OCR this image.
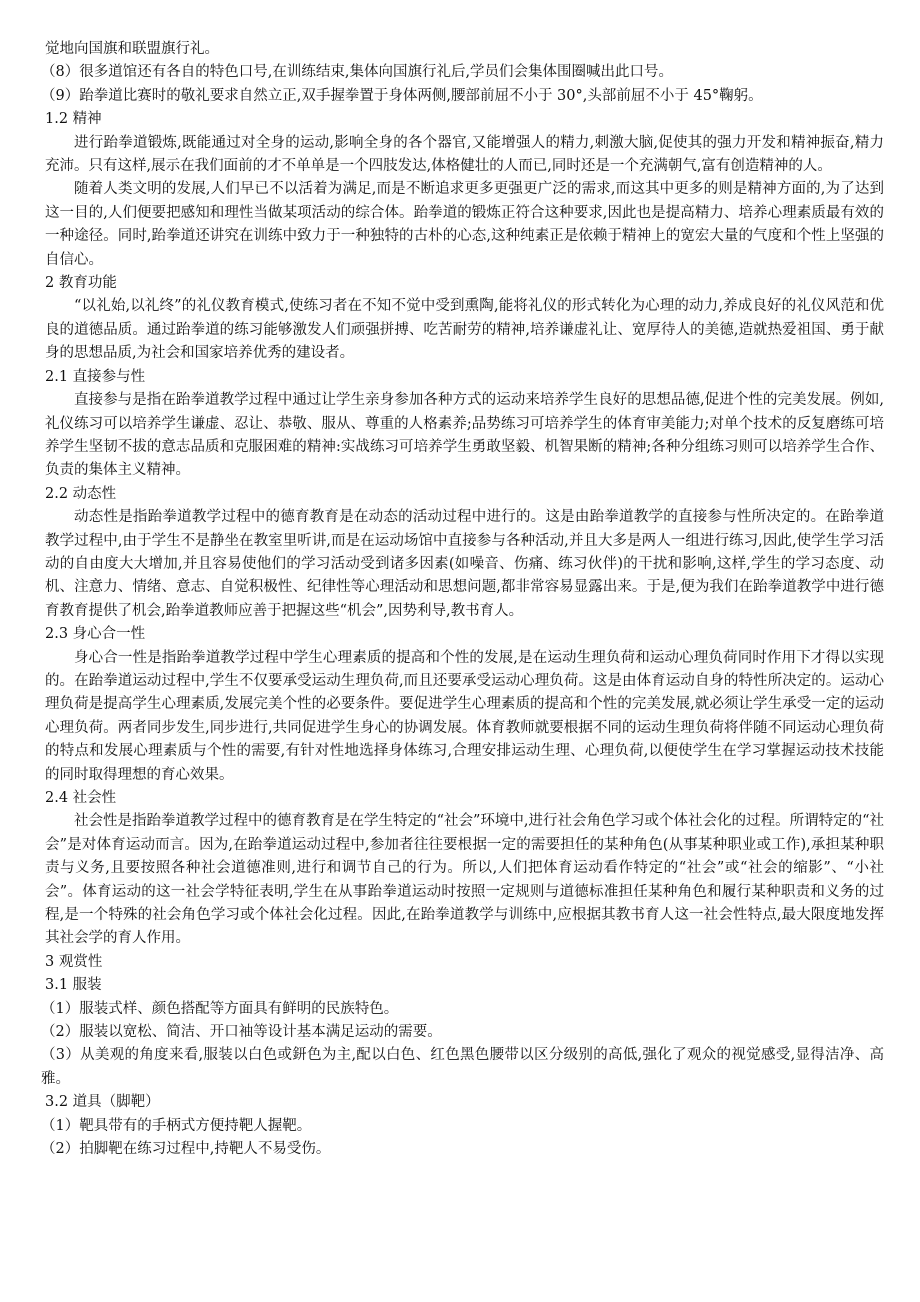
觉地向国旗和联盟旗行礼。

（8）很多道馆还有各自的特色口号,在训练结束,集体向国旗行礼后,学员们会集体围圈喊出此口号。

（9）跆拳道比赛时的敬礼要求自然立正,双手握拳置于身体两侧,腰部前屈不小于 30°,头部前屈不小于 45°鞠躬。

1.2 精神

进行跆拳道锻炼,既能通过对全身的运动,影响全身的各个器官,又能增强人的精力,刺激大脑,促使其的强力开发和精神振奋,精力充沛。只有这样,展示在我们面前的才不单单是一个四肢发达,体格健壮的人而已,同时还是一个充满朝气,富有创造精神的人。

随着人类文明的发展,人们早已不以活着为满足,而是不断追求更多更强更广泛的需求,而这其中更多的则是精神方面的,为了达到这一目的,人们便要把感知和理性当做某项活动的综合体。跆拳道的锻炼正符合这种要求,因此也是提高精力、培养心理素质最有效的一种途径。同时,跆拳道还讲究在训练中致力于一种独特的古朴的心态,这种纯素正是依赖于精神上的宽宏大量的气度和个性上坚强的自信心。

2 教育功能

“以礼始,以礼终”的礼仪教育模式,使练习者在不知不觉中受到熏陶,能将礼仪的形式转化为心理的动力,养成良好的礼仪风范和优良的道德品质。通过跆拳道的练习能够激发人们顽强拼搏、吃苦耐劳的精神,培养谦虚礼让、宽厚待人的美德,造就热爱祖国、勇于献身的思想品质,为社会和国家培养优秀的建设者。

2.1 直接参与性

直接参与是指在跆拳道教学过程中通过让学生亲身参加各种方式的运动来培养学生良好的思想品德,促进个性的完美发展。例如,礼仪练习可以培养学生谦虚、忍让、恭敬、服从、尊重的人格素养;品势练习可培养学生的体育审美能力;对单个技术的反复磨练可培养学生坚韧不拔的意志品质和克服困难的精神:实战练习可培养学生勇敢坚毅、机智果断的精神;各种分组练习则可以培养学生合作、负责的集体主义精神。

2.2 动态性

动态性是指跆拳道教学过程中的德育教育是在动态的活动过程中进行的。这是由跆拳道教学的直接参与性所决定的。在跆拳道教学过程中,由于学生不是静坐在教室里听讲,而是在运动场馆中直接参与各种活动,并且大多是两人一组进行练习,因此,使学生学习活动的自由度大大增加,并且容易使他们的学习活动受到诸多因素(如噪音、伤痛、练习伙伴)的干扰和影响,这样,学生的学习态度、动机、注意力、情绪、意志、自觉积极性、纪律性等心理活动和思想问题,都非常容易显露出来。于是,便为我们在跆拳道教学中进行德育教育提供了机会,跆拳道教师应善于把握这些“机会”,因势利导,教书育人。

2.3 身心合一性

身心合一性是指跆拳道教学过程中学生心理素质的提高和个性的发展,是在运动生理负荷和运动心理负荷同时作用下才得以实现的。在跆拳道运动过程中,学生不仅要承受运动生理负荷,而且还要承受运动心理负荷。这是由体育运动自身的特性所决定的。运动心理负荷是提高学生心理素质,发展完美个性的必要条件。要促进学生心理素质的提高和个性的完美发展,就必须让学生承受一定的运动心理负荷。两者同步发生,同步进行,共同促进学生身心的协调发展。体育教师就要根据不同的运动生理负荷将伴随不同运动心理负荷的特点和发展心理素质与个性的需要,有针对性地选择身体练习,合理安排运动生理、心理负荷,以便使学生在学习掌握运动技术技能的同时取得理想的育心效果。

2.4 社会性

社会性是指跆拳道教学过程中的德育教育是在学生特定的“社会”环境中,进行社会角色学习或个体社会化的过程。所谓特定的“社会”是对体育运动而言。因为,在跆拳道运动过程中,参加者往往要根据一定的需要担任的某种角色(从事某种职业或工作),承担某种职责与义务,且要按照各种社会道德准则,进行和调节自己的行为。所以,人们把体育运动看作特定的“社会”或“社会的缩影”、“小社会”。体育运动的这一社会学特征表明,学生在从事跆拳道运动时按照一定规则与道德标准担任某种角色和履行某种职责和义务的过程,是一个特殊的社会角色学习或个体社会化过程。因此,在跆拳道教学与训练中,应根据其教书育人这一社会性特点,最大限度地发挥其社会学的育人作用。

3 观赏性

3.1 服装

（1）服装式样、颜色搭配等方面具有鲜明的民族特色。

（2）服装以宽松、简洁、开口袖等设计基本满足运动的需要。

（3）从美观的角度来看,服装以白色或鈃色为主,配以白色、红色黑色腰带以区分级别的高低,强化了观众的视觉感受,显得洁净、高雅。

3.2 道具（脚靶）

（1）靶具带有的手柄式方便持靶人握靶。

（2）拍脚靶在练习过程中,持靶人不易受伤。
